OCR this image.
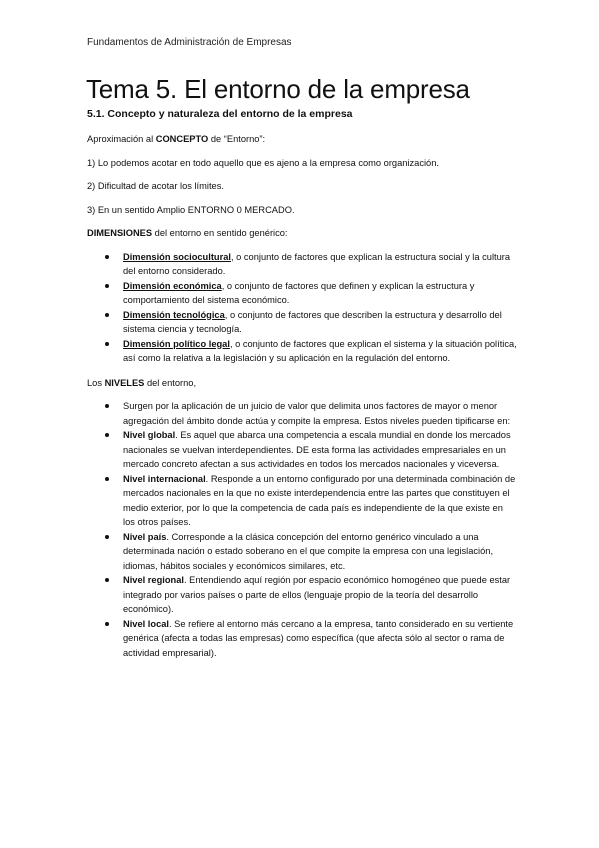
Fundamentos de Administración de Empresas
Tema 5. El entorno de la empresa
5.1. Concepto y naturaleza del entorno de la empresa

Aproximación al CONCEPTO de “Entorno”:

1) Lo podemos acotar en todo aquello que es ajeno a la empresa como organización.

2) Dificultad de acotar los límites.

3) En un sentido Amplio ENTORNO 0 MERCADO.

DIMENSIONES del entorno en sentido genérico:

Dimensión sociocultural, o conjunto de factores que explican la estructura social y la cultura del entorno considerado.
Dimensión económica, o conjunto de factores que definen y explican la estructura y comportamiento del sistema económico.
Dimensión tecnológica, o conjunto de factores que describen la estructura y desarrollo del sistema ciencia y tecnología.
Dimensión político legal, o conjunto de factores que explican el sistema y la situación política, así como la relativa a la legislación y su aplicación en la regulación del entorno.

Los NIVELES del entorno,

Surgen por la aplicación de un juicio de valor que delimita unos factores de mayor o menor agregación del ámbito donde actúa y compite la empresa. Estos niveles pueden tipificarse en:
Nivel global. Es aquel que abarca una competencia a escala mundial en donde los mercados nacionales se vuelvan interdependientes. DE esta forma las actividades empresariales en un mercado concreto afectan a sus actividades en todos los mercados nacionales y viceversa.
Nivel internacional. Responde a un entorno configurado por una determinada combinación de mercados nacionales en la que no existe interdependencia entre las partes que constituyen el medio exterior, por lo que la competencia de cada país es independiente de la que existe en los otros países.
Nivel país. Corresponde a la clásica concepción del entorno genérico vinculado a una determinada nación o estado soberano en el que compite la empresa con una legislación, idiomas, hábitos sociales y económicos similares, etc.
Nivel regional. Entendiendo aquí región por espacio económico homogéneo que puede estar integrado por varios países o parte de ellos (lenguaje propio de la teoría del desarrollo económico).
Nivel local. Se refiere al entorno más cercano a la empresa, tanto considerado en su vertiente genérica (afecta a todas las empresas) como específica (que afecta sólo al sector o rama de actividad empresarial).
